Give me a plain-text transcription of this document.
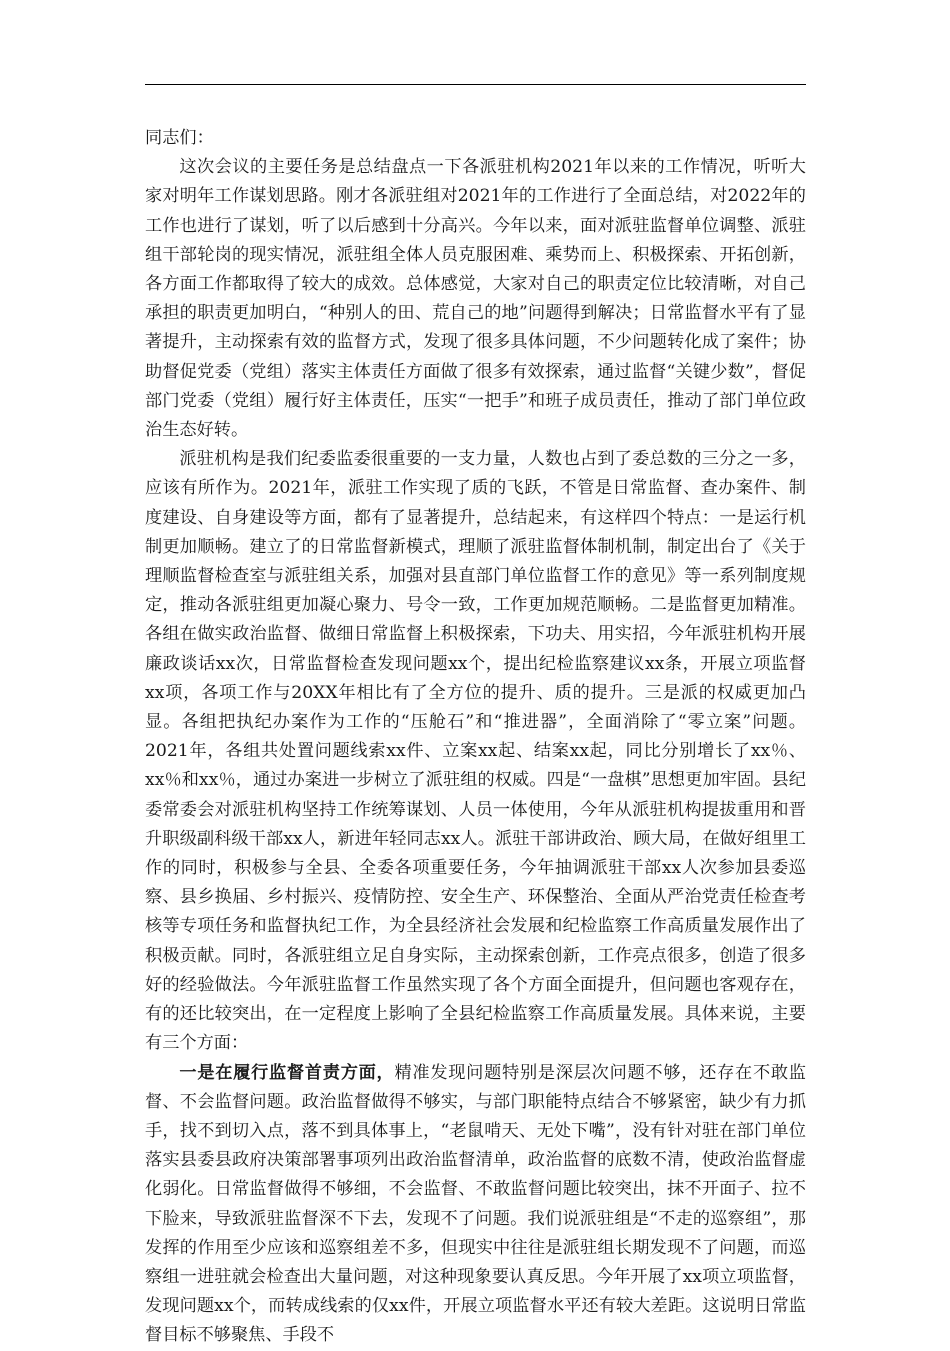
同志们：

这次会议的主要任务是总结盘点一下各派驻机构2021年以来的工作情况，听听大家对明年工作谋划思路。刚才各派驻组对2021年的工作进行了全面总结，对2022年的工作也进行了谋划，听了以后感到十分高兴。今年以来，面对派驻监督单位调整、派驻组干部轮岗的现实情况，派驻组全体人员克服困难、乘势而上、积极探索、开拓创新，各方面工作都取得了较大的成效。总体感觉，大家对自己的职责定位比较清晰，对自己承担的职责更加明白，“种别人的田、荒自己的地”问题得到解决；日常监督水平有了显著提升，主动探索有效的监督方式，发现了很多具体问题，不少问题转化成了案件；协助督促党委（党组）落实主体责任方面做了很多有效探索，通过监督“关键少数”，督促部门党委（党组）履行好主体责任，压实“一把手”和班子成员责任，推动了部门单位政治生态好转。

派驻机构是我们纪委监委很重要的一支力量，人数也占到了委总数的三分之一多，应该有所作为。2021年，派驻工作实现了质的飞跃，不管是日常监督、查办案件、制度建设、自身建设等方面，都有了显著提升，总结起来，有这样四个特点：一是运行机制更加顺畅。建立了的日常监督新模式，理顺了派驻监督体制机制，制定出台了《关于理顺监督检查室与派驻组关系，加强对县直部门单位监督工作的意见》等一系列制度规定，推动各派驻组更加凝心聚力、号令一致，工作更加规范顺畅。二是监督更加精准。各组在做实政治监督、做细日常监督上积极探索，下功夫、用实招，今年派驻机构开展廉政谈话xx次，日常监督检查发现问题xx个，提出纪检监察建议xx条，开展立项监督xx项，各项工作与20XX年相比有了全方位的提升、质的提升。三是派的权威更加凸显。各组把执纪办案作为工作的“压舱石”和“推进器”，全面消除了“零立案”问题。2021年，各组共处置问题线索xx件、立案xx起、结案xx起，同比分别增长了xx％、xx％和xx％，通过办案进一步树立了派驻组的权威。四是“一盘棋”思想更加牢固。县纪委常委会对派驻机构坚持工作统筹谋划、人员一体使用，今年从派驻机构提拔重用和晋升职级副科级干部xx人，新进年轻同志xx人。派驻干部讲政治、顾大局，在做好组里工作的同时，积极参与全县、全委各项重要任务，今年抽调派驻干部xx人次参加县委巡察、县乡换届、乡村振兴、疫情防控、安全生产、环保整治、全面从严治党责任检查考核等专项任务和监督执纪工作，为全县经济社会发展和纪检监察工作高质量发展作出了积极贡献。同时，各派驻组立足自身实际，主动探索创新，工作亮点很多，创造了很多好的经验做法。今年派驻监督工作虽然实现了各个方面全面提升，但问题也客观存在，有的还比较突出，在一定程度上影响了全县纪检监察工作高质量发展。具体来说，主要有三个方面：

一是在履行监督首责方面，精准发现问题特别是深层次问题不够，还存在不敢监督、不会监督问题。政治监督做得不够实，与部门职能特点结合不够紧密，缺少有力抓手，找不到切入点，落不到具体事上，“老鼠啃天、无处下嘴”，没有针对驻在部门单位落实县委县政府决策部署事项列出政治监督清单，政治监督的底数不清，使政治监督虚化弱化。日常监督做得不够细，不会监督、不敢监督问题比较突出，抹不开面子、拉不下脸来，导致派驻监督深不下去，发现不了问题。我们说派驻组是“不走的巡察组”，那发挥的作用至少应该和巡察组差不多，但现实中往往是派驻组长期发现不了问题，而巡察组一进驻就会检查出大量问题，对这种现象要认真反思。今年开展了xx项立项监督，发现问题xx个，而转成线索的仅xx件，开展立项监督水平还有较大差距。这说明日常监督目标不够聚焦、手段不
